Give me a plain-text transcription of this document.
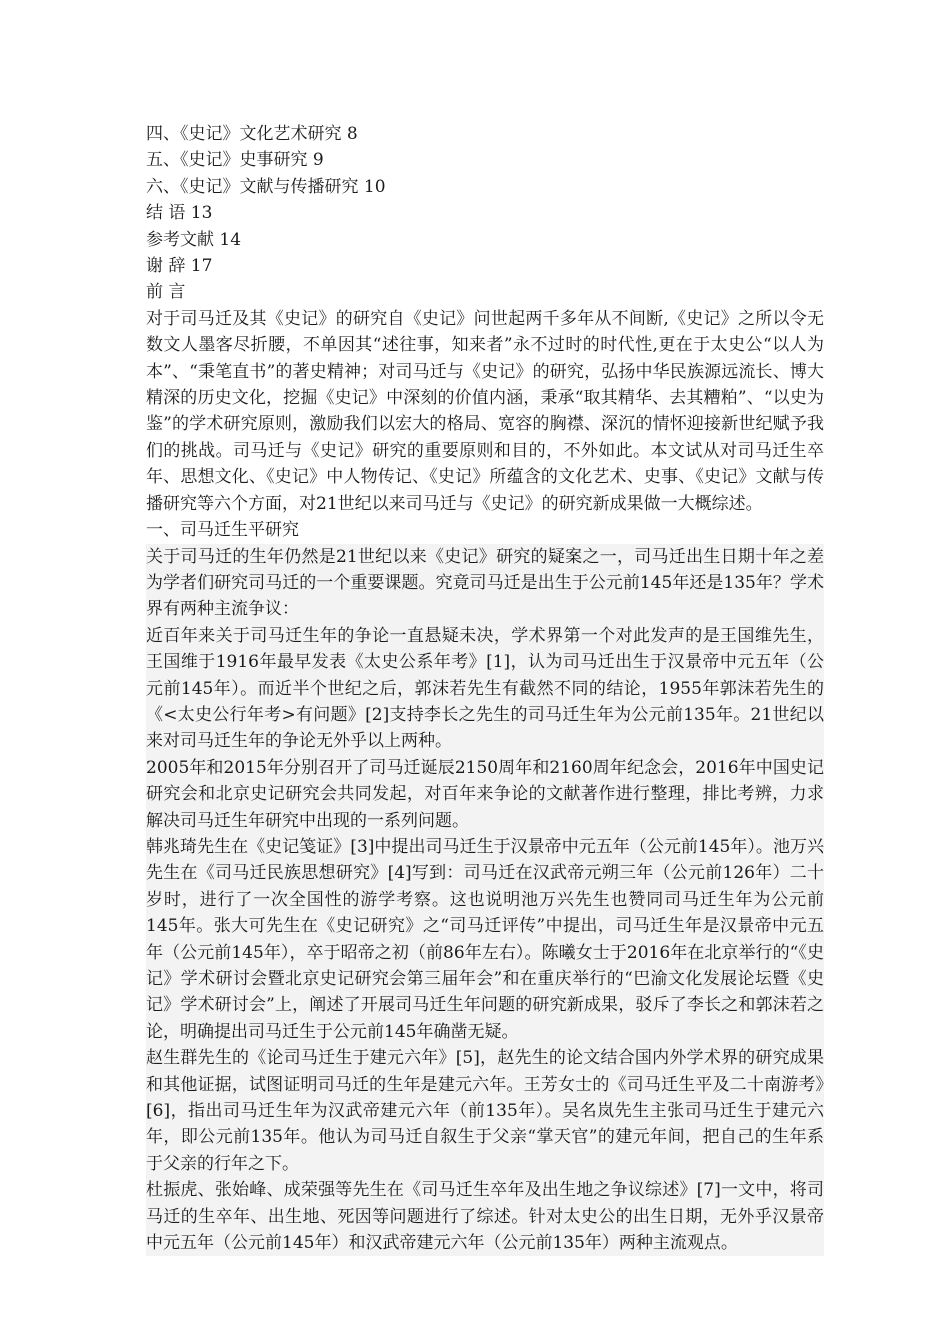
四、《史记》文化艺术研究 8

五、《史记》史事研究 9

六、《史记》文献与传播研究 10

结 语 13

参考文献 14

谢 辞 17

前 言

对于司马迁及其《史记》的研究自《史记》问世起两千多年从不间断,《史记》之所以令无数文人墨客尽折腰，不单因其“述往事，知来者”永不过时的时代性,更在于太史公“以人为本”、“秉笔直书”的著史精神；对司马迁与《史记》的研究，弘扬中华民族源远流长、博大精深的历史文化，挖掘《史记》中深刻的价值内涵，秉承“取其精华、去其糟粕”、“以史为鉴”的学术研究原则，激励我们以宏大的格局、宽容的胸襟、深沉的情怀迎接新世纪赋予我们的挑战。司马迁与《史记》研究的重要原则和目的，不外如此。本文试从对司马迁生卒年、思想文化、《史记》中人物传记、《史记》所蕴含的文化艺术、史事、《史记》文献与传播研究等六个方面，对21世纪以来司马迁与《史记》的研究新成果做一大概综述。

一、司马迁生平研究

关于司马迁的生年仍然是21世纪以来《史记》研究的疑案之一，司马迁出生日期十年之差为学者们研究司马迁的一个重要课题。究竟司马迁是出生于公元前145年还是135年？学术界有两种主流争议：

近百年来关于司马迁生年的争论一直悬疑未决，学术界第一个对此发声的是王国维先生，王国维于1916年最早发表《太史公系年考》[1]，认为司马迁出生于汉景帝中元五年（公元前145年）。而近半个世纪之后，郭沫若先生有截然不同的结论，1955年郭沫若先生的《<太史公行年考>有问题》[2]支持李长之先生的司马迁生年为公元前135年。21世纪以来对司马迁生年的争论无外乎以上两种。

2005年和2015年分别召开了司马迁诞辰2150周年和2160周年纪念会，2016年中国史记研究会和北京史记研究会共同发起，对百年来争论的文献著作进行整理，排比考辨，力求解决司马迁生年研究中出现的一系列问题。

韩兆琦先生在《史记笺证》[3]中提出司马迁生于汉景帝中元五年（公元前145年）。池万兴先生在《司马迁民族思想研究》[4]写到：司马迁在汉武帝元朔三年（公元前126年）二十岁时，进行了一次全国性的游学考察。这也说明池万兴先生也赞同司马迁生年为公元前145年。张大可先生在《史记研究》之“司马迁评传”中提出，司马迁生年是汉景帝中元五年（公元前145年），卒于昭帝之初（前86年左右）。陈曦女士于2016年在北京举行的“《史记》学术研讨会暨北京史记研究会第三届年会”和在重庆举行的“巴渝文化发展论坛暨《史记》学术研讨会”上，阐述了开展司马迁生年问题的研究新成果，驳斥了李长之和郭沫若之论，明确提出司马迁生于公元前145年确凿无疑。

赵生群先生的《论司马迁生于建元六年》[5]，赵先生的论文结合国内外学术界的研究成果和其他证据，试图证明司马迁的生年是建元六年。王芳女士的《司马迁生平及二十南游考》[6]，指出司马迁生年为汉武帝建元六年（前135年）。吴名岚先生主张司马迁生于建元六年，即公元前135年。他认为司马迁自叙生于父亲“掌天官”的建元年间，把自己的生年系于父亲的行年之下。

杜振虎、张始峰、成荣强等先生在《司马迁生卒年及出生地之争议综述》[7]一文中，将司马迁的生卒年、出生地、死因等问题进行了综述。针对太史公的出生日期，无外乎汉景帝中元五年（公元前145年）和汉武帝建元六年（公元前135年）两种主流观点。
